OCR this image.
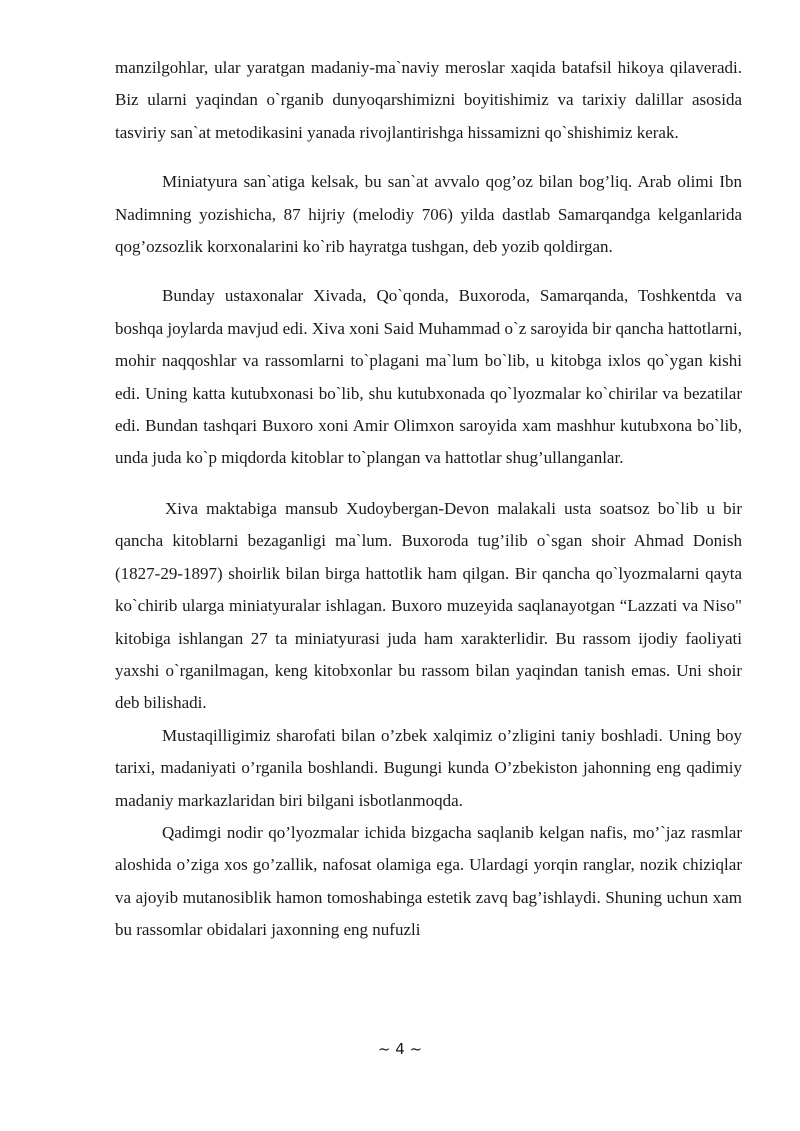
manzilgohlar, ular yaratgan madaniy-ma`naviy meroslar хaqida batafsil hikoya qilaveradi. Biz ularni yaqindan o`rganib dunyoqarshimizni boyitishimiz va tarixiy dalillar asosida tasviriy san`at metodikasini yanada rivojlantirishga hissamizni qo`shishimiz kerak.

Miniatyura san`atiga kelsak, bu san`at avvalo qog’oz bilan bog’liq. Arab olimi Ibn Nadimning yozishicha, 87 hijriy (melodiy 706) yilda dastlab Samarqandga kelganlarida qog’ozsozlik korxonalarini ko`rib hayratga tushgan, deb yozib qoldirgan.

Bunday ustaxonalar Xivada, Qo`qonda, Buxoroda, Samarqanda, Toshkentda va boshqa joylarda mavjud edi. Xiva xoni Said Muhammad o`z saroyida bir qancha hattotlarni, mohir naqqoshlar va rassomlarni to`plagani ma`lum bo`lib, u kitobga ixlos qo`ygan kishi edi. Uning katta kutubxonasi bo`lib, shu kutubxonada qo`lyozmalar ko`chirilar va bezatilar edi. Bundan tashqari Buxoro xoni Amir Olimxon saroyida хam mashhur kutubxona bo`lib, unda juda ko`p miqdorda kitoblar to`plangan va hattotlar shug’ullanganlar.

Xiva maktabiga mansub Xudoybergan-Devon malakali usta soatsoz bo`lib u bir qancha kitoblarni bezaganligi ma`lum. Buxoroda tug’ilib o`sgan shoir Ahmad Donish (1827-29-1897) shoirlik bilan birga hattotlik ham qilgan. Bir qancha qo`lyozmalarni qayta ko`chirib ularga miniatyuralar ishlagan. Buxoro muzeyida saqlanayotgan “Lazzati va Niso" kitobiga ishlangan 27 ta miniatyurasi juda ham xarakterlidir. Bu rassom ijodiy faoliyati yaxshi o`rganilmagan, keng kitobxonlar bu rassom bilan yaqindan tanish emas. Uni shoir deb bilishadi.

Mustaqilligimiz sharofati bilan o’zbek xalqimiz o’zligini taniy boshladi. Uning boy tarixi, madaniyati o’rganila boshlandi. Bugungi kunda O’zbekiston jahonning eng qadimiy madaniy markazlaridan biri bilgani isbotlanmoqda.

Qadimgi nodir qo’lyozmalar ichida bizgacha saqlanib kelgan nafis, mo’`jaz rasmlar aloshida o’ziga xos go’zallik, nafosat olamiga ega. Ulardagi yorqin ranglar, nozik chiziqlar va ajoyib mutanosiblik hamon tomoshabinga estetik zavq bag’ishlaydi. Shuning uchun xam bu rassomlar obidalari jaxonning eng nufuzli

~ 4 ~
